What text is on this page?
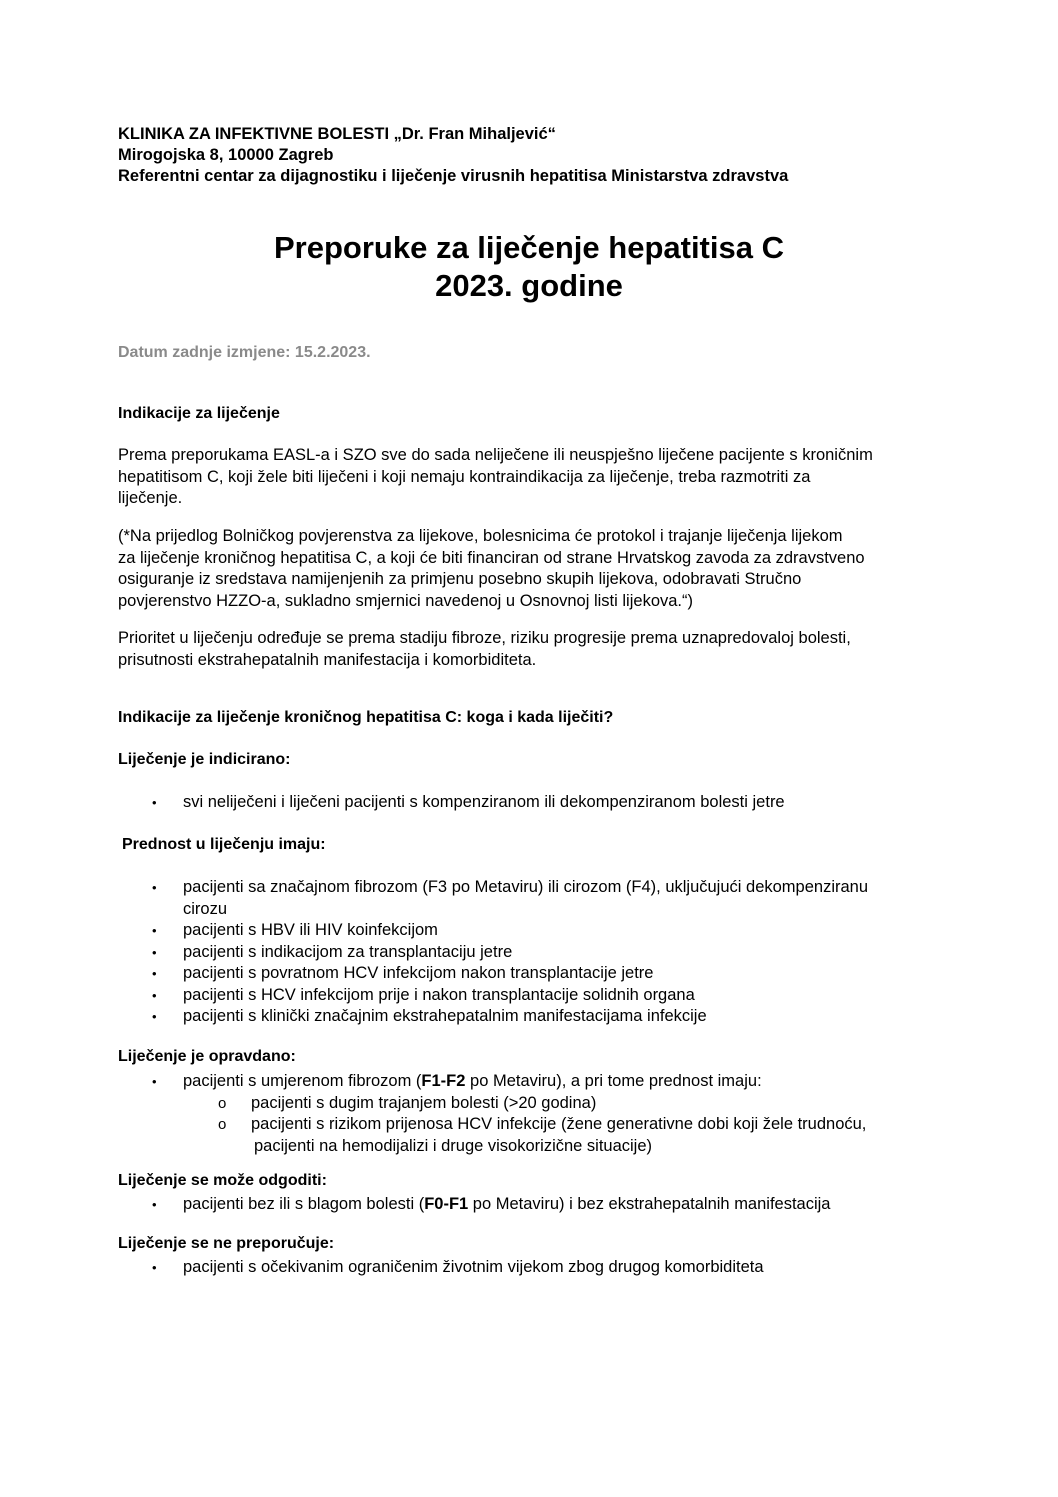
KLINIKA ZA INFEKTIVNE BOLESTI „Dr. Fran Mihaljević“
Mirogojska 8, 10000 Zagreb
Referentni centar za dijagnostiku i liječenje virusnih hepatitisa Ministarstva zdravstva
Preporuke za liječenje hepatitisa C
2023. godine
Datum zadnje izmjene: 15.2.2023.
Indikacije za liječenje

Prema preporukama EASL-a i SZO sve do sada neliječene ili neuspješno liječene pacijente s kroničnim

hepatitisom C, koji žele biti liječeni i koji nemaju kontraindikacija za liječenje, treba razmotriti za

liječenje.

(*Na prijedlog Bolničkog povjerenstva za lijekove, bolesnicima će protokol i trajanje liječenja lijekom

za liječenje kroničnog hepatitisa C, a koji će biti financiran od strane Hrvatskog zavoda za zdravstveno

osiguranje iz sredstava namijenjenih za primjenu posebno skupih lijekova, odobravati Stručno

povjerenstvo HZZO-a, sukladno smjernici navedenoj u Osnovnoj listi lijekova.“)

Prioritet u liječenju određuje se prema stadiju fibroze, riziku progresije prema uznapredovaloj bolesti,

prisutnosti ekstrahepatalnih manifestacija i komorbiditeta.

Indikacije za liječenje kroničnog hepatitisa C: koga i kada liječiti?
Liječenje je indicirano:
• svi neliječeni i liječeni pacijenti s kompenziranom ili dekompenziranom bolesti jetre
Prednost u liječenju imaju:
• pacijenti sa značajnom fibrozom (F3 po Metaviru) ili cirozom (F4), uključujući dekompenziranu
cirozu
• pacijenti s HBV ili HIV koinfekcijom
• pacijenti s indikacijom za transplantaciju jetre
• pacijenti s povratnom HCV infekcijom nakon transplantacije jetre
• pacijenti s HCV infekcijom prije i nakon transplantacije solidnih organa
• pacijenti s klinički značajnim ekstrahepatalnim manifestacijama infekcije
Liječenje je opravdano:
• pacijenti s umjerenom fibrozom (F1-F2 po Metaviru), a pri tome prednost imaju:
o pacijenti s dugim trajanjem bolesti (>20 godina)
o pacijenti s rizikom prijenosa HCV infekcije (žene generativne dobi koji žele trudnoću,
pacijenti na hemodijalizi i druge visokorizične situacije)
Liječenje se može odgoditi:
• pacijenti bez ili s blagom bolesti (F0-F1 po Metaviru) i bez ekstrahepatalnih manifestacija
Liječenje se ne preporučuje:
• pacijenti s očekivanim ograničenim životnim vijekom zbog drugog komorbiditeta
